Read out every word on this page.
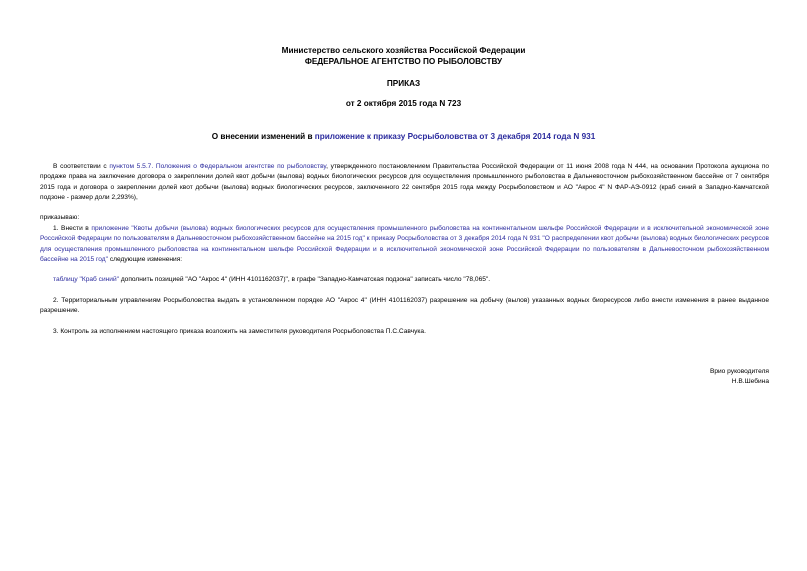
Министерство сельского хозяйства Российской Федерации
ФЕДЕРАЛЬНОЕ АГЕНТСТВО ПО РЫБОЛОВСТВУ
ПРИКАЗ
от 2 октября 2015 года N 723
О внесении изменений в приложение к приказу Росрыболовства от 3 декабря 2014 года N 931
В соответствии с пунктом 5.5.7. Положения о Федеральном агентстве по рыболовству, утвержденного постановлением Правительства Российской Федерации от 11 июня 2008 года N 444, на основании Протокола аукциона по продаже права на заключение договора о закреплении долей квот добычи (вылова) водных биологических ресурсов для осуществления промышленного рыболовства в Дальневосточном рыбохозяйственном бассейне от 7 сентября 2015 года и договора о закреплении долей квот добычи (вылова) водных биологических ресурсов, заключенного 22 сентября 2015 года между Росрыболовством и АО "Акрос 4" N ФАР-АЭ-0912 (краб синий в Западно-Камчатской подзоне - размер доли 2,293%),
приказываю:
1. Внести в приложение "Квоты добычи (вылова) водных биологических ресурсов для осуществления промышленного рыболовства на континентальном шельфе Российской Федерации и в исключительной экономической зоне Российской Федерации по пользователям в Дальневосточном рыбохозяйственном бассейне на 2015 год" к приказу Росрыболовства от 3 декабря 2014 года N 931 "О распределении квот добычи (вылова) водных биологических ресурсов для осуществления промышленного рыболовства на континентальном шельфе Российской Федерации и в исключительной экономической зоне Российской Федерации по пользователям в Дальневосточном рыбохозяйственном бассейне на 2015 год" следующие изменения:
таблицу "Краб синий" дополнить позицией "АО "Акрос 4" (ИНН 4101162037)", в графе "Западно-Камчатская подзона" записать число "78,065".
2. Территориальным управлениям Росрыболовства выдать в установленном порядке АО "Акрос 4" (ИНН 4101162037) разрешение на добычу (вылов) указанных водных биоресурсов либо внести изменения в ранее выданное разрешение.
3. Контроль за исполнением настоящего приказа возложить на заместителя руководителя Росрыболовства П.С.Савчука.
Врио руководителя
Н.В.Шебина
